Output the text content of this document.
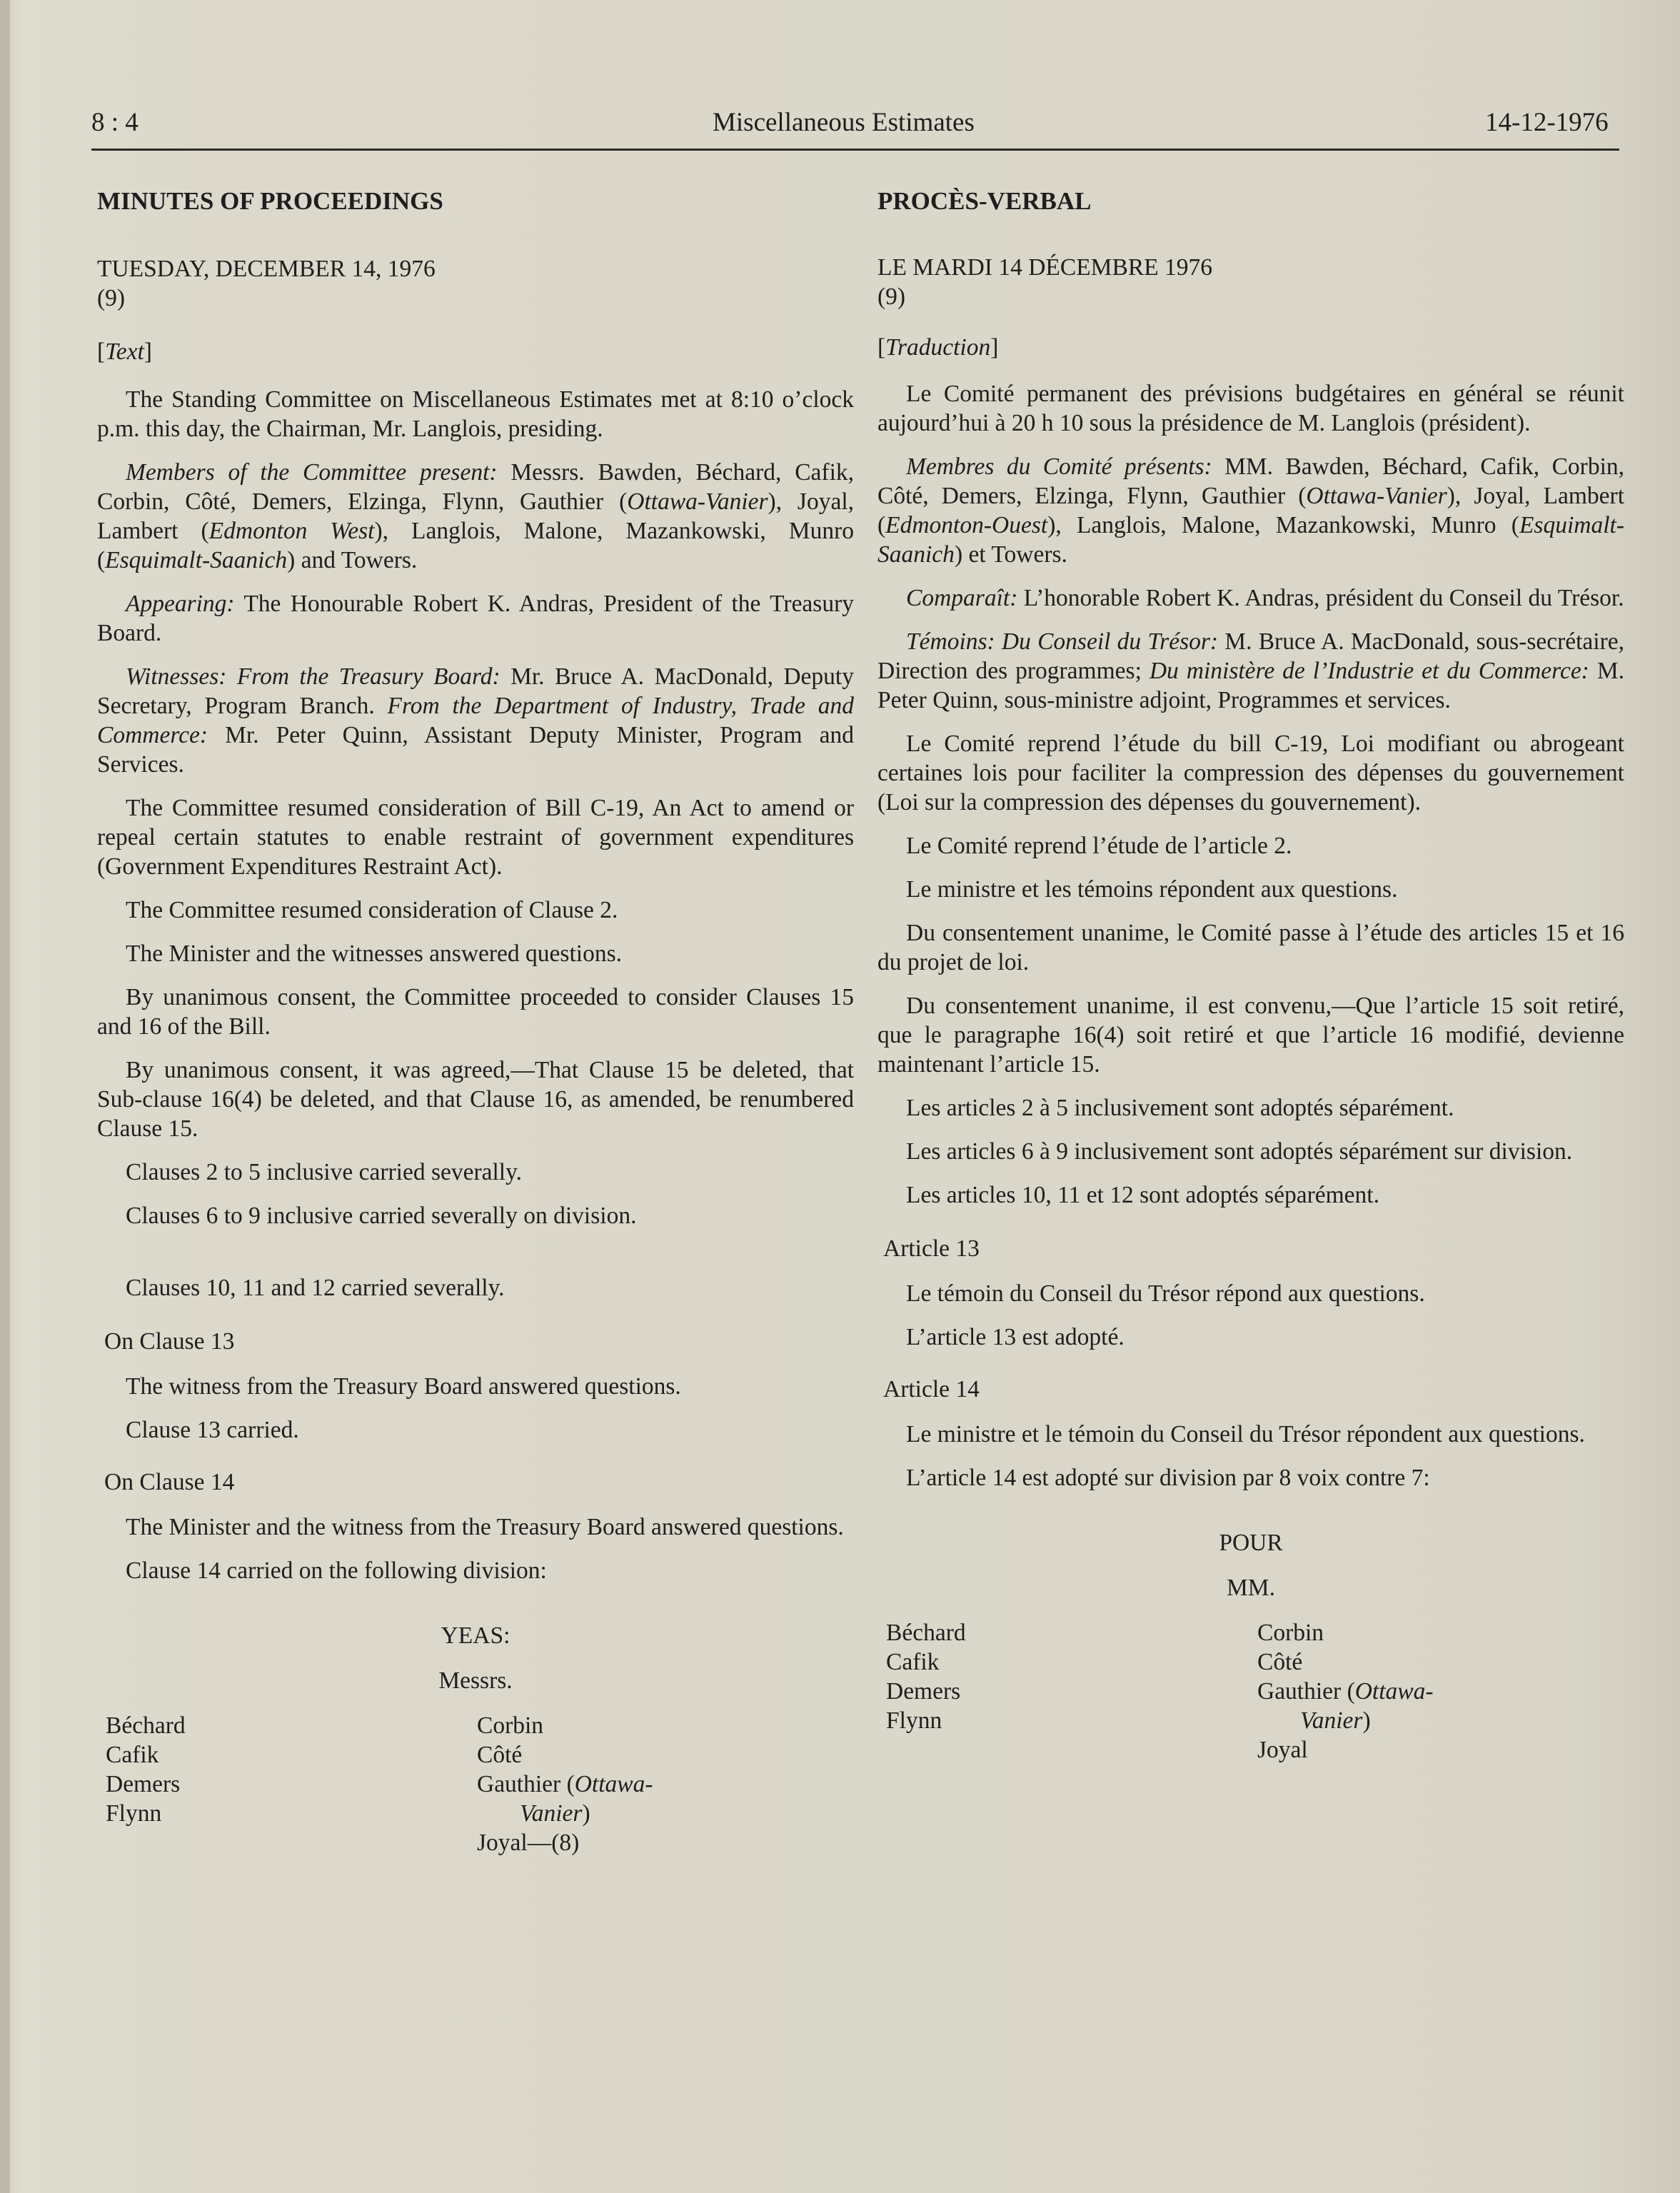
8 : 4	Miscellaneous Estimates	14-12-1976

MINUTES OF PROCEEDINGS

TUESDAY, DECEMBER 14, 1976

(9)

[Text]

The Standing Committee on Miscellaneous Estimates met at 8:10 o’clock p.m. this day, the Chairman, Mr. Langlois, presiding.

Members of the Committee present: Messrs. Bawden, Béchard, Cafik, Corbin, Côté, Demers, Elzinga, Flynn, Gauthier (Ottawa-Vanier), Joyal, Lambert (Edmonton West), Langlois, Malone, Mazankowski, Munro (Esquimalt-Saanich) and Towers.

Appearing: The Honourable Robert K. Andras, President of the Treasury Board.

Witnesses: From the Treasury Board: Mr. Bruce A. MacDonald, Deputy Secretary, Program Branch. From the Department of Industry, Trade and Commerce: Mr. Peter Quinn, Assistant Deputy Minister, Program and Services.

The Committee resumed consideration of Bill C-19, An Act to amend or repeal certain statutes to enable restraint of government expenditures (Government Expenditures Restraint Act).

The Committee resumed consideration of Clause 2.

The Minister and the witnesses answered questions.

By unanimous consent, the Committee proceeded to consider Clauses 15 and 16 of the Bill.

By unanimous consent, it was agreed,—That Clause 15 be deleted, that Sub-clause 16(4) be deleted, and that Clause 16, as amended, be renumbered Clause 15.

Clauses 2 to 5 inclusive carried severally.

Clauses 6 to 9 inclusive carried severally on division.

Clauses 10, 11 and 12 carried severally.

On Clause 13

The witness from the Treasury Board answered questions.

Clause 13 carried.

On Clause 14

The Minister and the witness from the Treasury Board answered questions.

Clause 14 carried on the following division:

YEAS:

Messrs.

Béchard
Cafik
Demers
Flynn
Corbin
Côté
Gauthier (Ottawa-
Vanier)
Joyal—(8)

PROCÈS-VERBAL

LE MARDI 14 DÉCEMBRE 1976

(9)

[Traduction]

Le Comité permanent des prévisions budgétaires en général se réunit aujourd’hui à 20 h 10 sous la présidence de M. Langlois (président).

Membres du Comité présents: MM. Bawden, Béchard, Cafik, Corbin, Côté, Demers, Elzinga, Flynn, Gauthier (Ottawa-Vanier), Joyal, Lambert (Edmonton-Ouest), Langlois, Malone, Mazankowski, Munro (Esquimalt-Saanich) et Towers.

Comparaît: L’honorable Robert K. Andras, président du Conseil du Trésor.

Témoins: Du Conseil du Trésor: M. Bruce A. MacDonald, sous-secrétaire, Direction des programmes; Du ministère de l’Industrie et du Commerce: M. Peter Quinn, sous-ministre adjoint, Programmes et services.

Le Comité reprend l’étude du bill C-19, Loi modifiant ou abrogeant certaines lois pour faciliter la compression des dépenses du gouvernement (Loi sur la compression des dépenses du gouvernement).

Le Comité reprend l’étude de l’article 2.

Le ministre et les témoins répondent aux questions.

Du consentement unanime, le Comité passe à l’étude des articles 15 et 16 du projet de loi.

Du consentement unanime, il est convenu,—Que l’article 15 soit retiré, que le paragraphe 16(4) soit retiré et que l’article 16 modifié, devienne maintenant l’article 15.

Les articles 2 à 5 inclusivement sont adoptés séparément.

Les articles 6 à 9 inclusivement sont adoptés séparément sur division.

Les articles 10, 11 et 12 sont adoptés séparément.

Article 13

Le témoin du Conseil du Trésor répond aux questions.

L’article 13 est adopté.

Article 14

Le ministre et le témoin du Conseil du Trésor répondent aux questions.

L’article 14 est adopté sur division par 8 voix contre 7:

POUR

MM.

Béchard
Cafik
Demers
Flynn
Corbin
Côté
Gauthier (Ottawa-
Vanier)
Joyal
